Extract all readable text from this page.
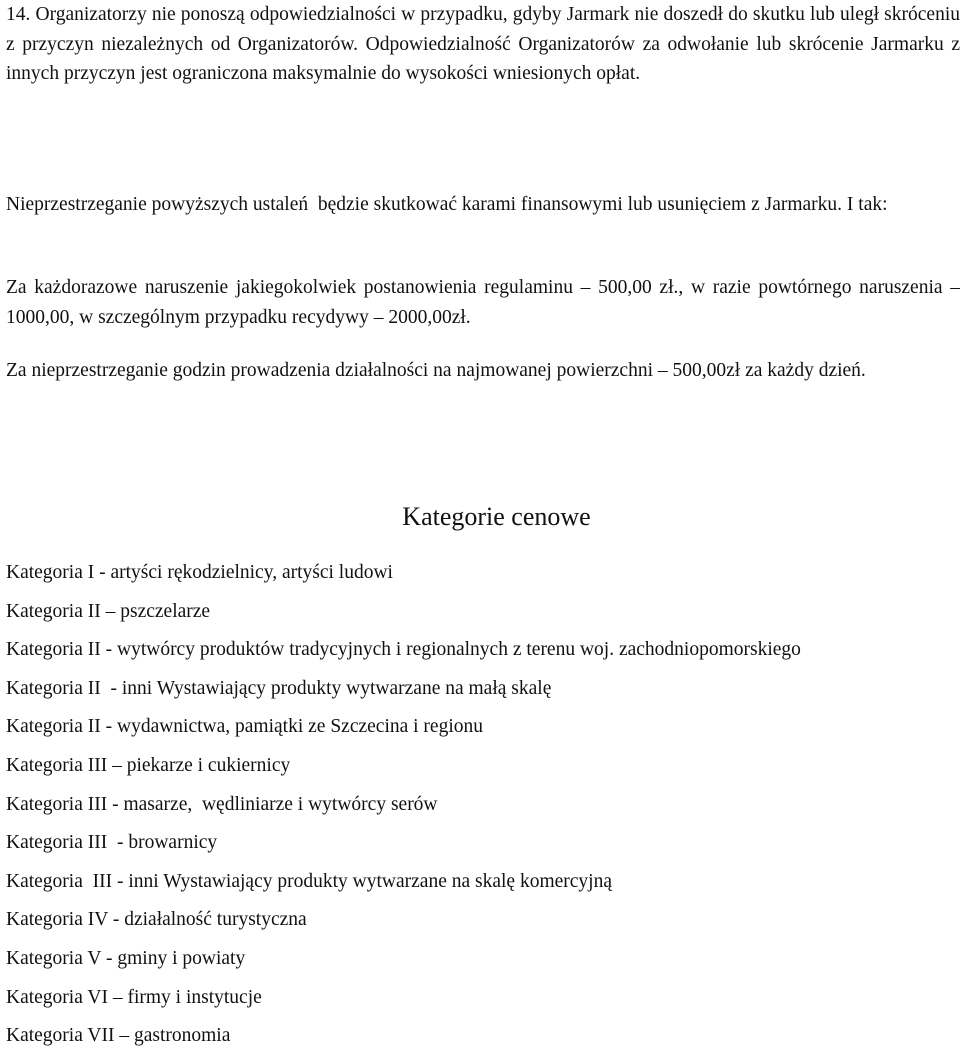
14. Organizatorzy nie ponoszą odpowiedzialności w przypadku, gdyby Jarmark nie doszedł do skutku lub uległ skróceniu z przyczyn niezależnych od Organizatorów. Odpowiedzialność Organizatorów za odwołanie lub skrócenie Jarmarku z innych przyczyn jest ograniczona maksymalnie do wysokości wniesionych opłat.

Nieprzestrzeganie powyższych ustaleń  będzie skutkować karami finansowymi lub usunięciem z Jarmarku. I tak:

Za każdorazowe naruszenie jakiegokolwiek postanowienia regulaminu – 500,00 zł., w razie powtórnego naruszenia – 1000,00, w szczególnym przypadku recydywy – 2000,00zł.

Za nieprzestrzeganie godzin prowadzenia działalności na najmowanej powierzchni – 500,00zł za każdy dzień.

Kategorie cenowe
Kategoria I - artyści rękodzielnicy, artyści ludowi
Kategoria II – pszczelarze
Kategoria II - wytwórcy produktów tradycyjnych i regionalnych z terenu woj. zachodniopomorskiego
Kategoria II  - inni Wystawiający produkty wytwarzane na małą skalę
Kategoria II - wydawnictwa, pamiątki ze Szczecina i regionu
Kategoria III – piekarze i cukiernicy
Kategoria III - masarze,  wędliniarze i wytwórcy serów
Kategoria III  - browarnicy
Kategoria  III - inni Wystawiający produkty wytwarzane na skalę komercyjną
Kategoria IV - działalność turystyczna
Kategoria V - gminy i powiaty
Kategoria VI – firmy i instytucje
Kategoria VII – gastronomia
